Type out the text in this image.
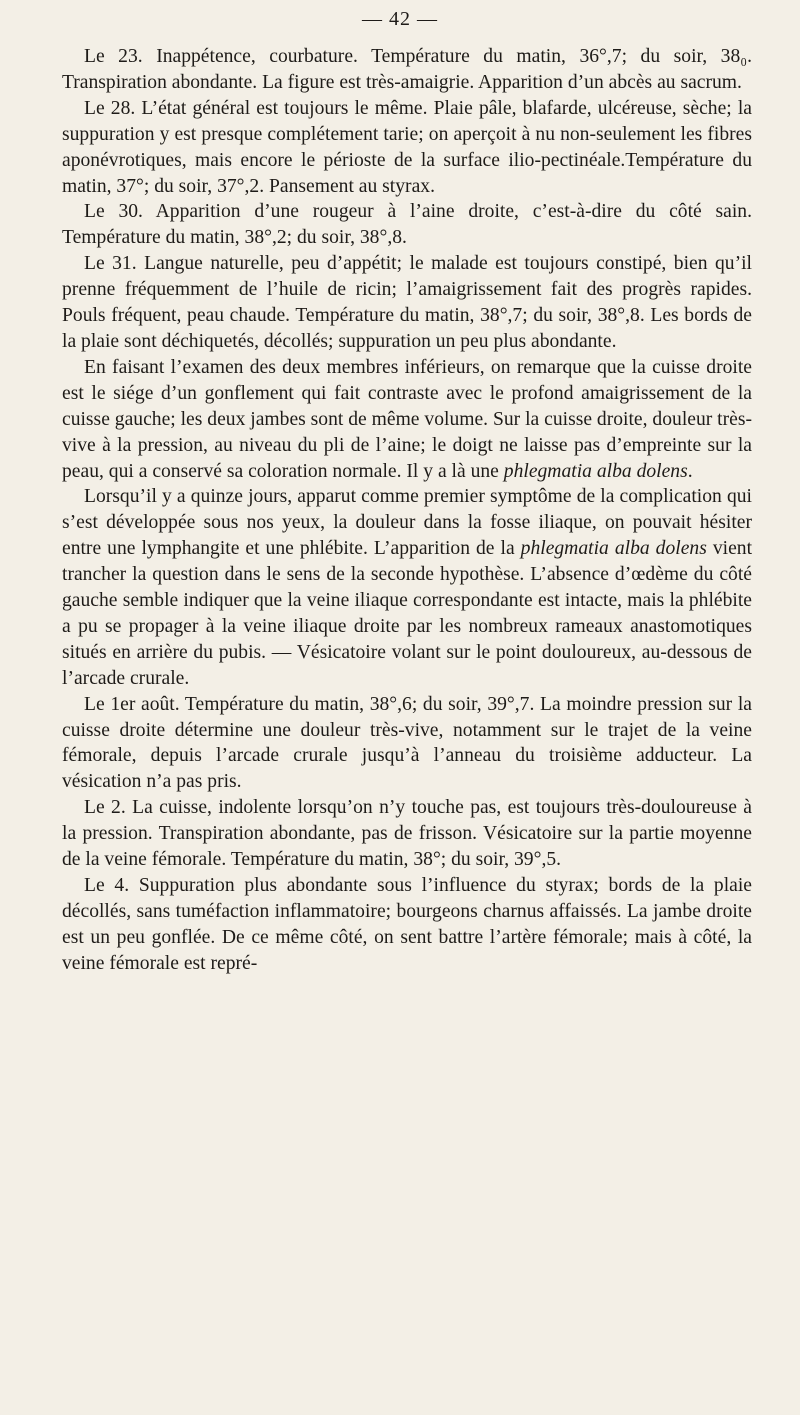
— 42 —

Le 23. Inappétence, courbature. Température du matin, 36°,7; du soir, 38₀. Transpiration abondante. La figure est très-amaigrie. Apparition d’un abcès au sacrum.

Le 28. L’état général est toujours le même. Plaie pâle, blafarde, ulcéreuse, sèche; la suppuration y est presque complétement tarie; on aperçoit à nu non-seulement les fibres aponévrotiques, mais encore le périoste de la surface ilio-pectinéale.Température du matin, 37°; du soir, 37°,2. Pansement au styrax.

Le 30. Apparition d’une rougeur à l’aine droite, c’est-à-dire du côté sain. Température du matin, 38°,2; du soir, 38°,8.

Le 31. Langue naturelle, peu d’appétit; le malade est toujours constipé, bien qu’il prenne fréquemment de l’huile de ricin; l’amaigrissement fait des progrès rapides. Pouls fréquent, peau chaude. Température du matin, 38°,7; du soir, 38°,8. Les bords de la plaie sont déchiquetés, décollés; suppuration un peu plus abondante.

En faisant l’examen des deux membres inférieurs, on remarque que la cuisse droite est le siége d’un gonflement qui fait contraste avec le profond amaigrissement de la cuisse gauche; les deux jambes sont de même volume. Sur la cuisse droite, douleur très-vive à la pression, au niveau du pli de l’aine; le doigt ne laisse pas d’empreinte sur la peau, qui a conservé sa coloration normale. Il y a là une phlegmatia alba dolens.

Lorsqu’il y a quinze jours, apparut comme premier symptôme de la complication qui s’est développée sous nos yeux, la douleur dans la fosse iliaque, on pouvait hésiter entre une lymphangite et une phlébite. L’apparition de la phlegmatia alba dolens vient trancher la question dans le sens de la seconde hypothèse. L’absence d’œdème du côté gauche semble indiquer que la veine iliaque correspondante est intacte, mais la phlébite a pu se propager à la veine iliaque droite par les nombreux rameaux anastomotiques situés en arrière du pubis. — Vésicatoire volant sur le point douloureux, au-dessous de l’arcade crurale.

Le 1er août. Température du matin, 38°,6; du soir, 39°,7. La moindre pression sur la cuisse droite détermine une douleur très-vive, notamment sur le trajet de la veine fémorale, depuis l’arcade crurale jusqu’à l’anneau du troisième adducteur. La vésication n’a pas pris.

Le 2. La cuisse, indolente lorsqu’on n’y touche pas, est toujours très-douloureuse à la pression. Transpiration abondante, pas de frisson. Vésicatoire sur la partie moyenne de la veine fémorale. Température du matin, 38°; du soir, 39°,5.

Le 4. Suppuration plus abondante sous l’influence du styrax; bords de la plaie décollés, sans tuméfaction inflammatoire; bourgeons charnus affaissés. La jambe droite est un peu gonflée. De ce même côté, on sent battre l’artère fémorale; mais à côté, la veine fémorale est repré-
